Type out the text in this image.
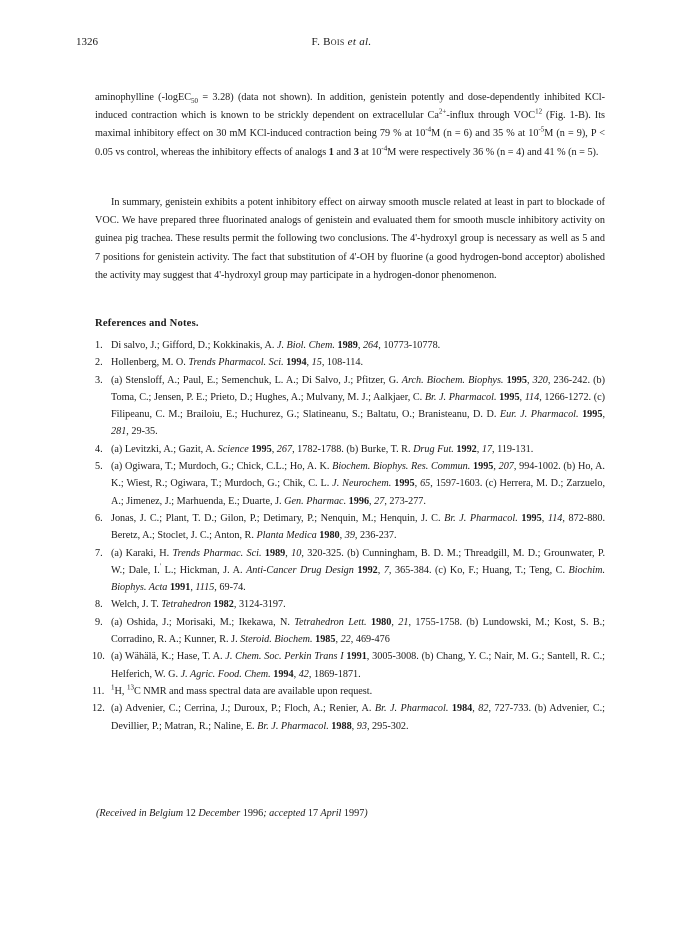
1326	F. Bois et al.
aminophylline (-logEC$_{50}$ = 3.28) (data not shown). In addition, genistein potently and dose-dependently inhibited KCl-induced contraction which is known to be strickly dependent on extracellular $Ca^{2+}$-influx through VOC$^{12}$ (Fig. 1-B). Its maximal inhibitory effect on 30 mM KCl-induced contraction being 79 % at $10^{-4}M$ (n = 6) and 35 % at $10^{-5}M$ (n = 9), P < 0.05 vs control, whereas the inhibitory effects of analogs 1 and 3 at $10^{-4}M$ were respectively 36 % (n = 4) and 41 % (n = 5).
In summary, genistein exhibits a potent inhibitory effect on airway smooth muscle related at least in part to blockade of VOC. We have prepared three fluorinated analogs of genistein and evaluated them for smooth muscle inhibitory activity on guinea pig trachea. These results permit the following two conclusions. The 4'-hydroxyl group is necessary as well as 5 and 7 positions for genistein activity. The fact that substitution of 4'-OH by fluorine (a good hydrogen-bond acceptor) abolished the activity may suggest that 4'-hydroxyl group may participate in a hydrogen-donor phenomenon.
References and Notes.
1. Di salvo, J.; Gifford, D.; Kokkinakis, A. J. Biol. Chem. 1989, 264, 10773-10778.
2. Hollenberg, M. O. Trends Pharmacol. Sci. 1994, 15, 108-114.
3. (a) Stensloff, A.; Paul, E.; Semenchuk, L. A.; Di Salvo, J.; Pfitzer, G. Arch. Biochem. Biophys. 1995, 320, 236-242. (b) Toma, C.; Jensen, P. E.; Prieto, D.; Hughes, A.; Mulvany, M. J.; Aalkjaer, C. Br. J. Pharmacol. 1995, 114, 1266-1272. (c) Filipeanu, C. M.; Brailoiu, E.; Huchurez, G.; Slatineanu, S.; Baltatu, O.; Branisteanu, D. D. Eur. J. Pharmacol. 1995, 281, 29-35.
4. (a) Levitzki, A.; Gazit, A. Science 1995, 267, 1782-1788. (b) Burke, T. R. Drug Fut. 1992, 17, 119-131.
5. (a) Ogiwara, T.; Murdoch, G.; Chick, C.L.; Ho, A. K. Biochem. Biophys. Res. Commun. 1995, 207, 994-1002. (b) Ho, A. K.; Wiest, R.; Ogiwara, T.; Murdoch, G.; Chik, C. L. J. Neurochem. 1995, 65, 1597-1603. (c) Herrera, M. D.; Zarzuelo, A.; Jimenez, J.; Marhuenda, E.; Duarte, J. Gen. Pharmac. 1996, 27, 273-277.
6. Jonas, J. C.; Plant, T. D.; Gilon, P.; Detimary, P.; Nenquin, M.; Henquin, J. C. Br. J. Pharmacol. 1995, 114, 872-880. Beretz, A.; Stoclet, J. C.; Anton, R. Planta Medica 1980, 39, 236-237.
7. (a) Karaki, H. Trends Pharmac. Sci. 1989, 10, 320-325. (b) Cunningham, B. D. M.; Threadgill, M. D.; Grounwater, P. W.; Dale, I.' L.; Hickman, J. A. Anti-Cancer Drug Design 1992, 7, 365-384. (c) Ko, F.; Huang, T.; Teng, C. Biochim. Biophys. Acta 1991, 1115, 69-74.
8. Welch, J. T. Tetrahedron 1982, 3124-3197.
9. (a) Oshida, J.; Morisaki, M.; Ikekawa, N. Tetrahedron Lett. 1980, 21, 1755-1758. (b) Lundowski, M.; Kost, S. B.; Corradino, R. A.; Kunner, R. J. Steroid. Biochem. 1985, 22, 469-476
10. (a) Wähälä, K.; Hase, T. A. J. Chem. Soc. Perkin Trans I 1991, 3005-3008. (b) Chang, Y. C.; Nair, M. G.; Santell, R. C.; Helferich, W. G. J. Agric. Food. Chem. 1994, 42, 1869-1871.
11. $^1$H, $^{13}$C NMR and mass spectral data are available upon request.
12. (a) Advenier, C.; Cerrina, J.; Duroux, P.; Floch, A.; Renier, A. Br. J. Pharmacol. 1984, 82, 727-733. (b) Advenier, C.; Devillier, P.; Matran, R.; Naline, E. Br. J. Pharmacol. 1988, 93, 295-302.
(Received in Belgium 12 December 1996; accepted 17 April 1997)
